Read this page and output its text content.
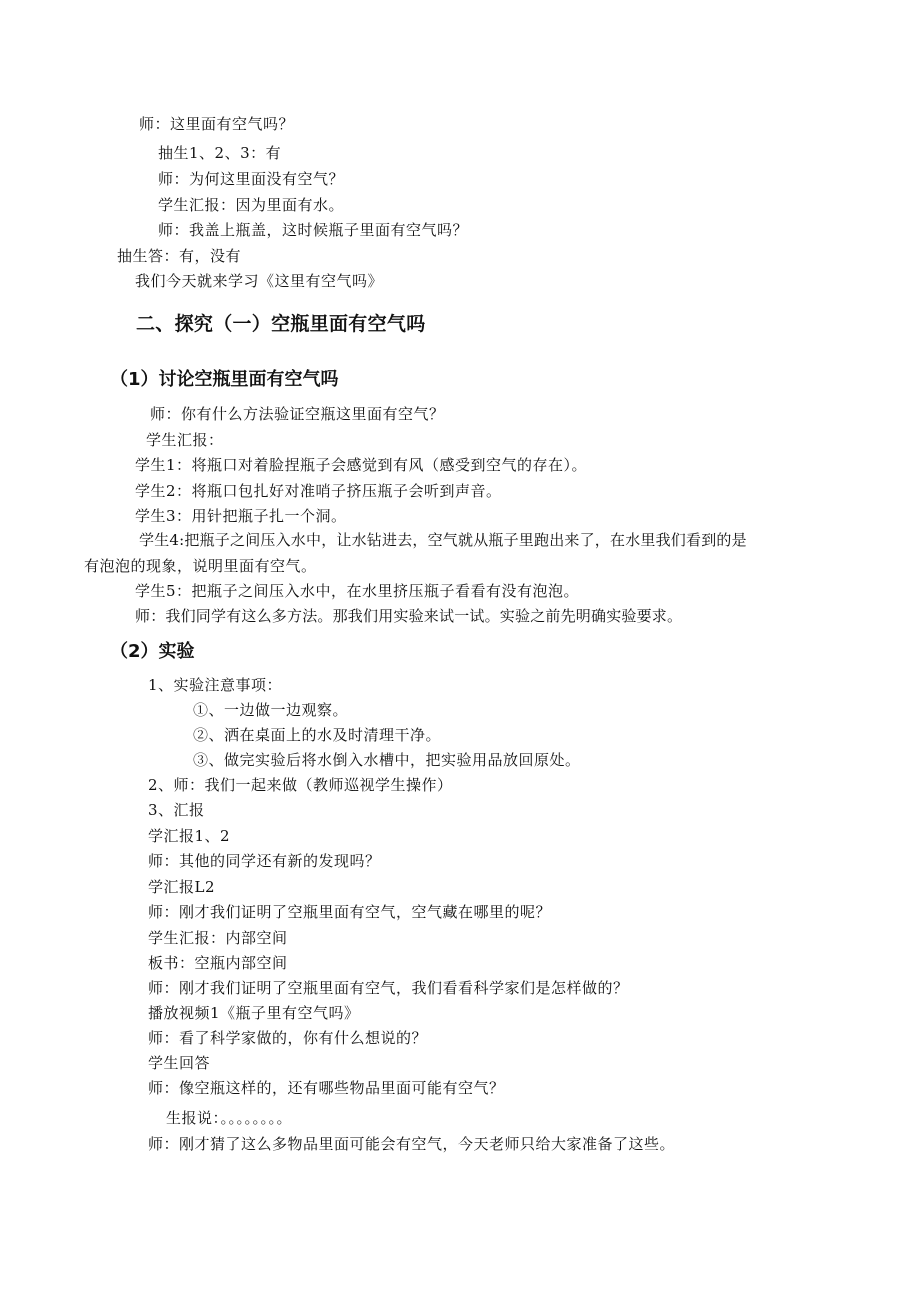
师：这里面有空气吗？
抽生1、2、3：有
师：为何这里面没有空气？
学生汇报：因为里面有水。
师：我盖上瓶盖，这时候瓶子里面有空气吗？
抽生答：有，没有
我们今天就来学习《这里有空气吗》
二、探究（一）空瓶里面有空气吗
（1）讨论空瓶里面有空气吗
师：你有什么方法验证空瓶这里面有空气？
学生汇报：
学生1：将瓶口对着脸捏瓶子会感觉到有风（感受到空气的存在）。
学生2：将瓶口包扎好对准哨子挤压瓶子会听到声音。
学生3：用针把瓶子扎一个洞。
学生4:把瓶子之间压入水中，让水钻进去，空气就从瓶子里跑出来了，在水里我们看到的是
有泡泡的现象，说明里面有空气。
学生5：把瓶子之间压入水中，在水里挤压瓶子看看有没有泡泡。
师：我们同学有这么多方法。那我们用实验来试一试。实验之前先明确实验要求。
（2）实验
1、实验注意事项：
①、一边做一边观察。
②、洒在桌面上的水及时清理干净。
③、做完实验后将水倒入水槽中，把实验用品放回原处。
2、师：我们一起来做（教师巡视学生操作）
3、汇报
学汇报1、2
师：其他的同学还有新的发现吗？
学汇报L2
师：刚才我们证明了空瓶里面有空气，空气藏在哪里的呢？
学生汇报：内部空间
板书：空瓶内部空间
师：刚才我们证明了空瓶里面有空气，我们看看科学家们是怎样做的？
播放视频1《瓶子里有空气吗》
师：看了科学家做的，你有什么想说的？
学生回答
师：像空瓶这样的，还有哪些物品里面可能有空气？
生报说：。。。。。。。。
师：刚才猜了这么多物品里面可能会有空气，今天老师只给大家准备了这些。
